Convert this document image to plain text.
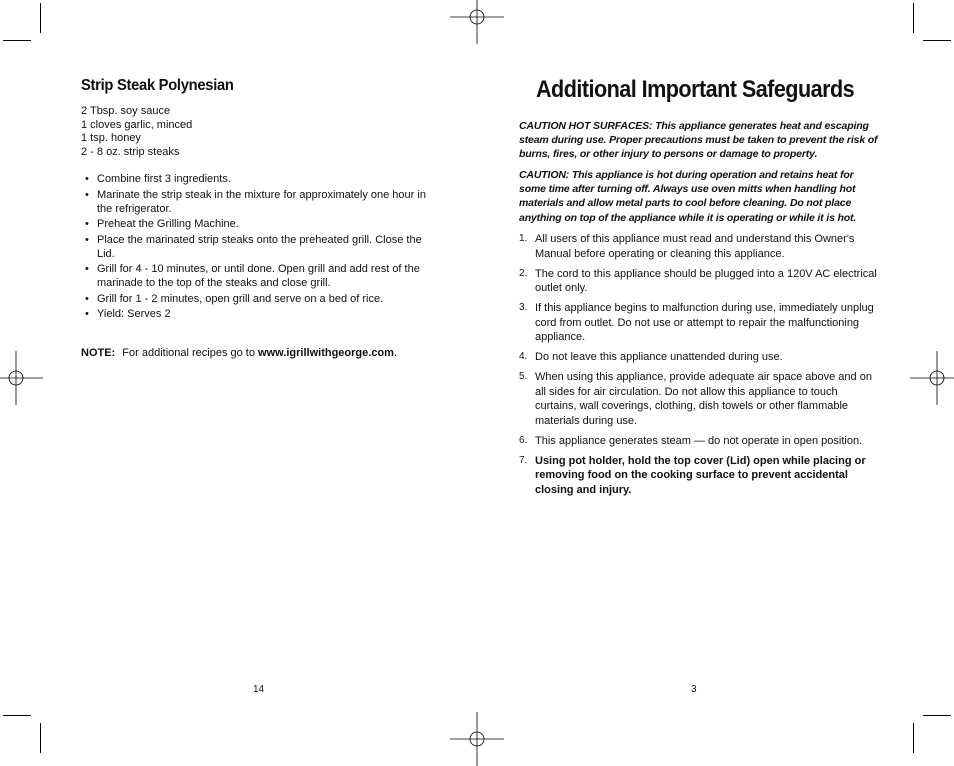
Strip Steak Polynesian
2 Tbsp. soy sauce
1 cloves garlic, minced
1 tsp. honey
2 - 8 oz. strip steaks
• Combine first 3 ingredients.
• Marinate the strip steak in the mixture for approximately one hour in the refrigerator.
• Preheat the Grilling Machine.
• Place the marinated strip steaks onto the preheated grill. Close the Lid.
• Grill for 4 - 10 minutes, or until done. Open grill and add rest of the marinade to the top of the steaks and close grill.
• Grill for 1 - 2 minutes, open grill and serve on a bed of rice.
• Yield: Serves 2

NOTE: For additional recipes go to www.igrillwithgeorge.com.

14
Additional Important Safeguards

CAUTION HOT SURFACES: This appliance generates heat and escaping steam during use. Proper precautions must be taken to prevent the risk of burns, fires, or other injury to persons or damage to property.

CAUTION: This appliance is hot during operation and retains heat for some time after turning off. Always use oven mitts when handling hot materials and allow metal parts to cool before cleaning. Do not place anything on top of the appliance while it is operating or while it is hot.

1. All users of this appliance must read and understand this Owner's Manual before operating or cleaning this appliance.
2. The cord to this appliance should be plugged into a 120V AC electrical outlet only.
3. If this appliance begins to malfunction during use, immediately unplug cord from outlet. Do not use or attempt to repair the malfunctioning appliance.
4. Do not leave this appliance unattended during use.
5. When using this appliance, provide adequate air space above and on all sides for air circulation. Do not allow this appliance to touch curtains, wall coverings, clothing, dish towels or other flammable materials during use.
6. This appliance generates steam — do not operate in open position.
7. Using pot holder, hold the top cover (Lid) open while placing or removing food on the cooking surface to prevent accidental closing and injury.
3
